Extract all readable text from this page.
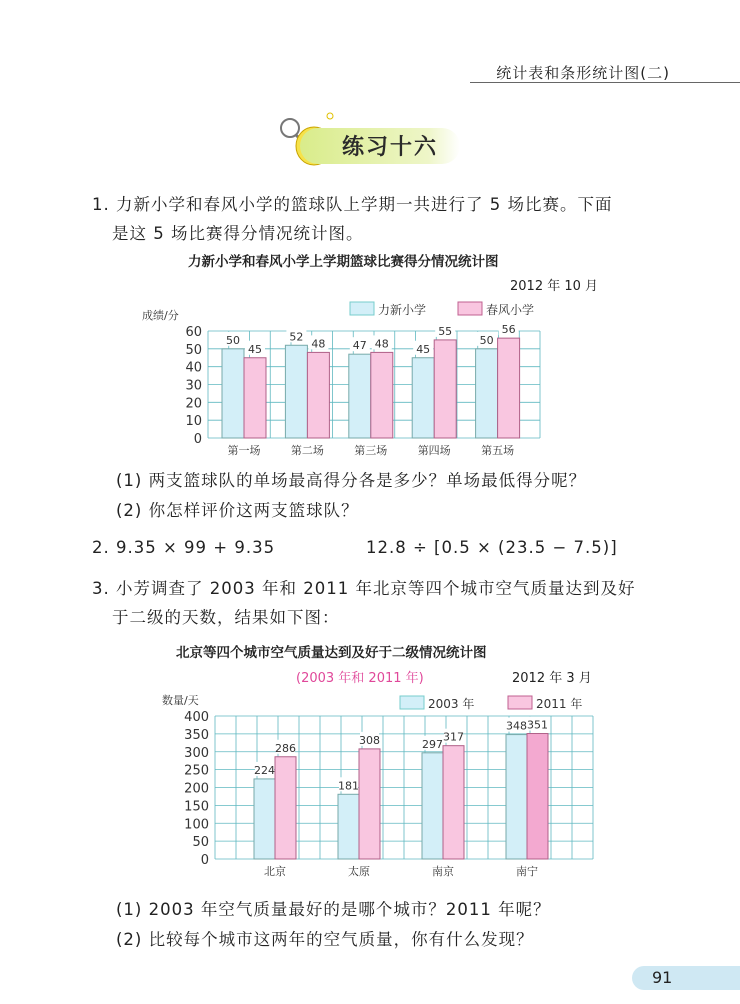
统计表和条形统计图(二)
练习十六
1. 力新小学和春风小学的篮球队上学期一共进行了 5 场比赛。下面
是这 5 场比赛得分情况统计图。
力新小学和春风小学上学期篮球比赛得分情况统计图
2012 年 10 月
0
10
20
30
40
50
60
成绩/分	力新小学	春风小学
50
45
第一场
52
48
第二场
47 48
第三场
45
55
第四场
50
56
第五场
(1) 两支篮球队的单场最高得分各是多少？单场最低得分呢？
(2) 你怎样评价这两支篮球队？
2. 9.35 × 99 + 9.35	12.8 ÷ [0.5 × (23.5 − 7.5)]
3. 小芳调查了 2003 年和 2011 年北京等四个城市空气质量达到及好
于二级的天数，结果如下图：
北京等四个城市空气质量达到及好于二级情况统计图
(2003 年和 2011 年)	2012 年 3 月
0
50
100
150
200
250
300
350
400
数量/天	2003 年	2011 年
224
286
北京
181
308
太原
297
317
南京
348 351
南宁
(1) 2003 年空气质量最好的是哪个城市？2011 年呢？
(2) 比较每个城市这两年的空气质量，你有什么发现？
91
